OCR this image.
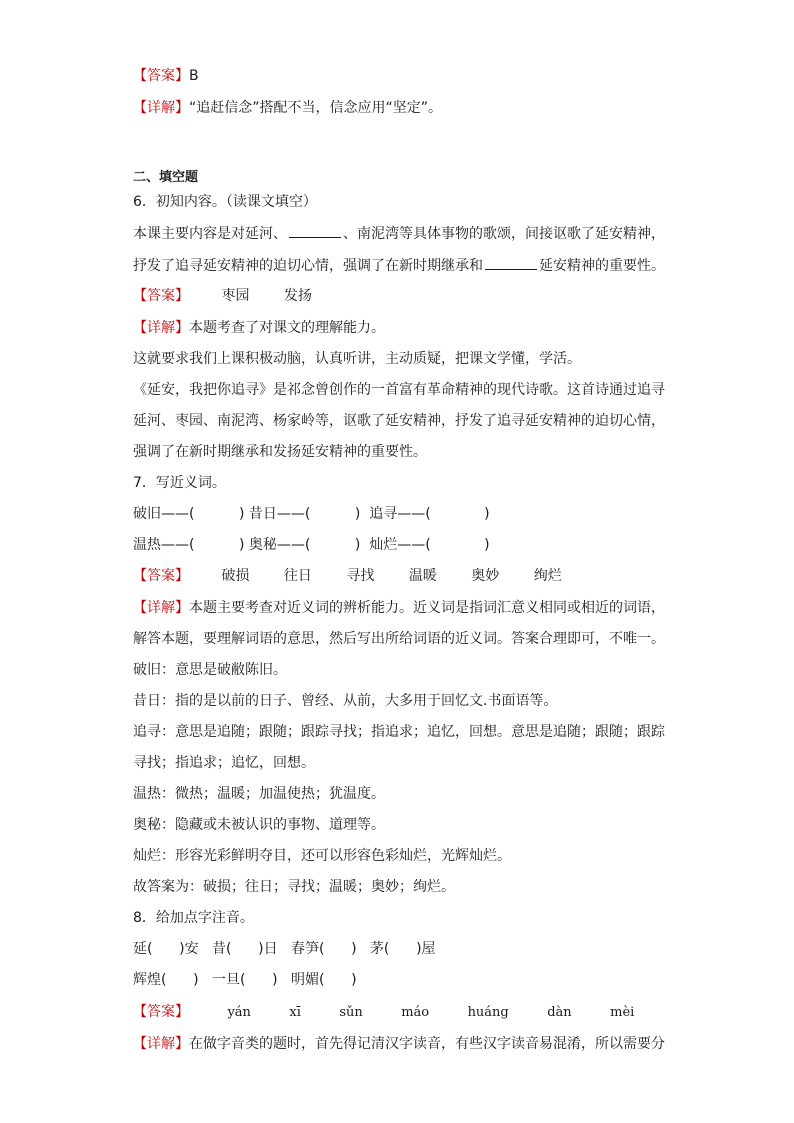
【答案】B
【详解】“追赶信念”搭配不当，信念应用“坚定”。
二、填空题
6．初知内容。（读课文填空）
本课主要内容是对延河、	、南泥湾等具体事物的歌颂，间接讴歌了延安精神，
抒发了追寻延安精神的迫切心情，强调了在新时期继承和	延安精神的重要性。
【答案】 枣园 发扬
【详解】本题考查了对课文的理解能力。
这就要求我们上课积极动脑，认真听讲，主动质疑，把课文学懂，学活。
《延安，我把你追寻》是祁念曾创作的一首富有革命精神的现代诗歌。这首诗通过追寻
延河、枣园、南泥湾、杨家岭等，讴歌了延安精神，抒发了追寻延安精神的迫切心情，
强调了在新时期继承和发扬延安精神的重要性。
7．写近义词。
破旧——(          ) 昔日——(          )  追寻——(            )
温热——(          ) 奥秘——(          )  灿烂——(            )
【答案】 破损 往日 寻找 温暖 奥妙 绚烂
【详解】本题主要考查对近义词的辨析能力。近义词是指词汇意义相同或相近的词语，
解答本题，要理解词语的意思，然后写出所给词语的近义词。答案合理即可，不唯一。
破旧：意思是破敝陈旧。
昔日：指的是以前的日子、曾经、从前，大多用于回忆文.书面语等。
追寻：意思是追随；跟随；跟踪寻找；指追求；追忆，回想。意思是追随；跟随；跟踪
寻找；指追求；追忆，回想。
温热：微热；温暖；加温使热；犹温度。
奥秘：隐藏或未被认识的事物、道理等。
灿烂：形容光彩鲜明夺目，还可以形容色彩灿烂，光辉灿烂。
故答案为：破损；往日；寻找；温暖；奥妙；绚烂。
8．给加点字注音。
延(      )安   昔(      )日   春笋(      )   茅(      )屋
辉煌(      )   一旦(      )   明媚(      )
【答案】	yán	xī	sǔn	máo	huáng	dàn	mèi
【详解】在做字音类的题时，首先得记清汉字读音，有些汉字读音易混淆，所以需要分
